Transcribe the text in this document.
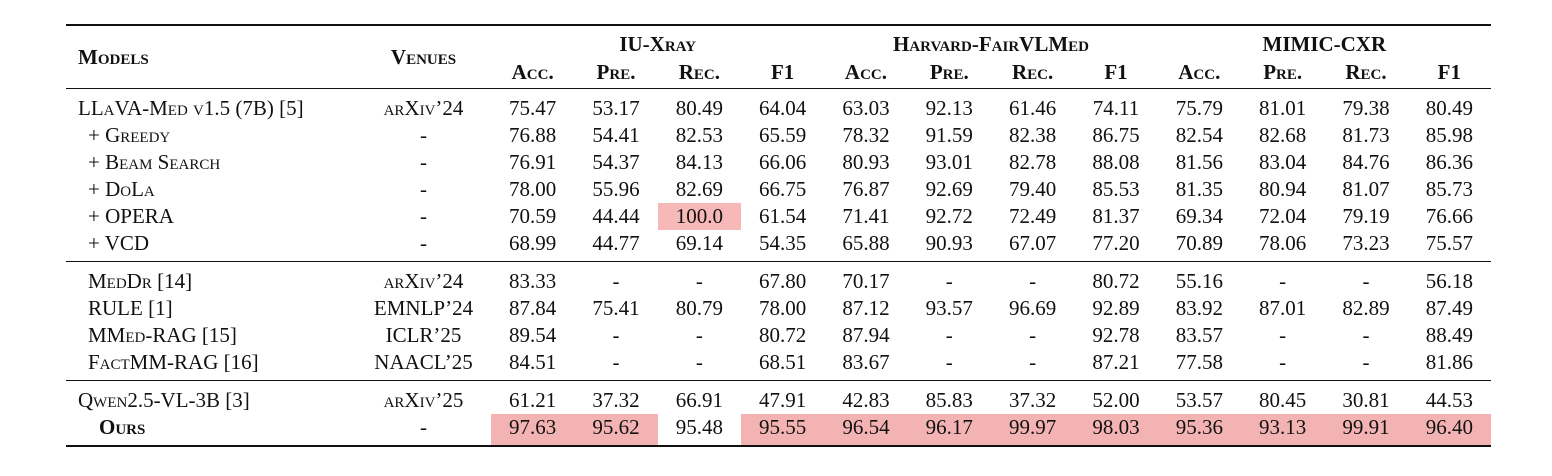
Models	Venues	IU-Xray				Harvard-FairVLMed				MIMIC-CXR			
		Acc.	Pre.	Rec.	F1	Acc.	Pre.	Rec.	F1	Acc.	Pre.	Rec.	F1
LLaVA-Med v1.5 (7B) [5]	arXiv’24	75.47	53.17	80.49	64.04	63.03	92.13	61.46	74.11	75.79	81.01	79.38	80.49
+ Greedy	-	76.88	54.41	82.53	65.59	78.32	91.59	82.38	86.75	82.54	82.68	81.73	85.98
+ Beam Search	-	76.91	54.37	84.13	66.06	80.93	93.01	82.78	88.08	81.56	83.04	84.76	86.36
+ DoLa	-	78.00	55.96	82.69	66.75	76.87	92.69	79.40	85.53	81.35	80.94	81.07	85.73
+ OPERA	-	70.59	44.44	100.0	61.54	71.41	92.72	72.49	81.37	69.34	72.04	79.19	76.66
+ VCD	-	68.99	44.77	69.14	54.35	65.88	90.93	67.07	77.20	70.89	78.06	73.23	75.57
MedDr [14]	arXiv’24	83.33	-	-	67.80	70.17	-	-	80.72	55.16	-	-	56.18
RULE [1]	EMNLP’24	87.84	75.41	80.79	78.00	87.12	93.57	96.69	92.89	83.92	87.01	82.89	87.49
MMed-RAG [15]	ICLR’25	89.54	-	-	80.72	87.94	-	-	92.78	83.57	-	-	88.49
FactMM-RAG [16]	NAACL’25	84.51	-	-	68.51	83.67	-	-	87.21	77.58	-	-	81.86
Qwen2.5-VL-3B [3]	arXiv’25	61.21	37.32	66.91	47.91	42.83	85.83	37.32	52.00	53.57	80.45	30.81	44.53
Ours	-	97.63	95.62	95.48	95.55	96.54	96.17	99.97	98.03	95.36	93.13	99.91	96.40
